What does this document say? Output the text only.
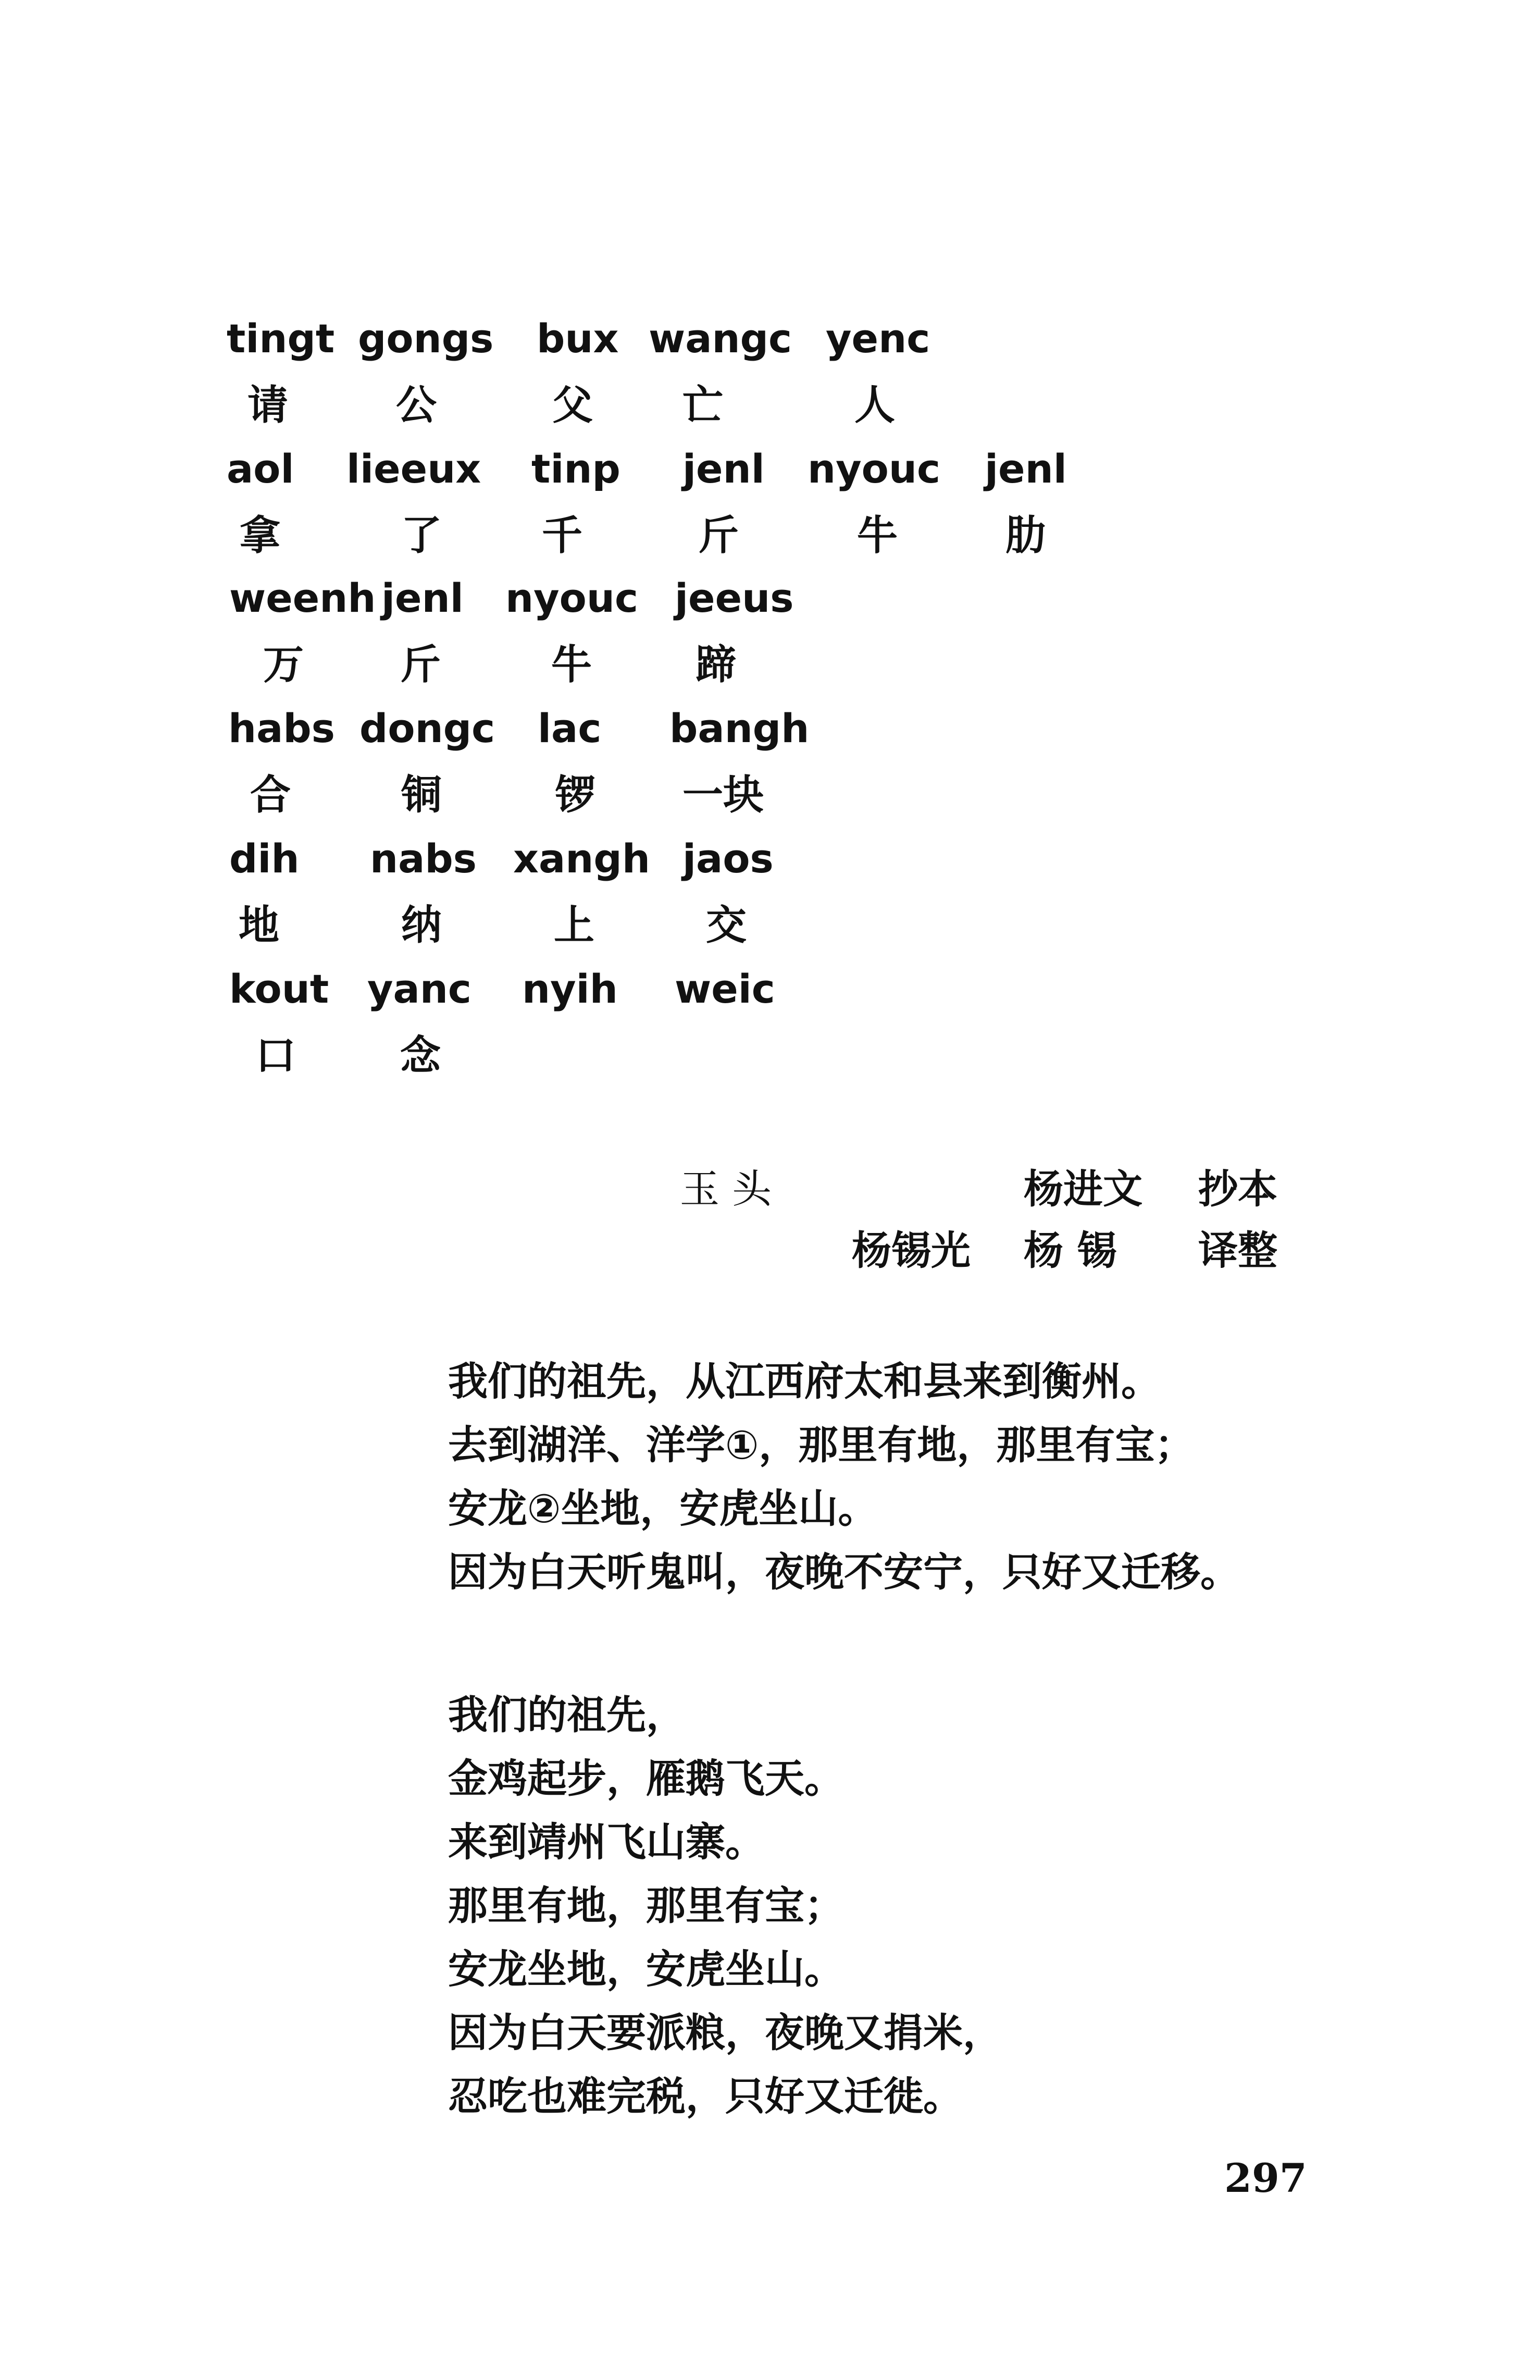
tingt gongs bux wangc yenc
请	公	父 亡	人
aol lieeux tinp jenl nyouc jenl
拿	了 千	斤	牛	肋
weenh jenl nyouc jeeus
万 斤	牛	蹄
habs dongc lac bangh
合	铜	锣 一块
dih nabs xangh jaos
地	纳	上	交
kout yanc nyih weic
口	念
玉 头	杨进文 抄本
杨锡光 杨 锡 译整
我们的祖先，从江西府太和县来到衡州。
去到湖洋、洋学①，那里有地，那里有宝；
安龙②坐地，安虎坐山。
因为白天听鬼叫，夜晚不安宁，只好又迁移。
我们的祖先，
金鸡起步，雁鹅飞天。
来到靖州飞山寨。
那里有地，那里有宝；
安龙坐地，安虎坐山。
因为白天要派粮，夜晚又捐米，
忍吃也难完税，只好又迁徙。
297
